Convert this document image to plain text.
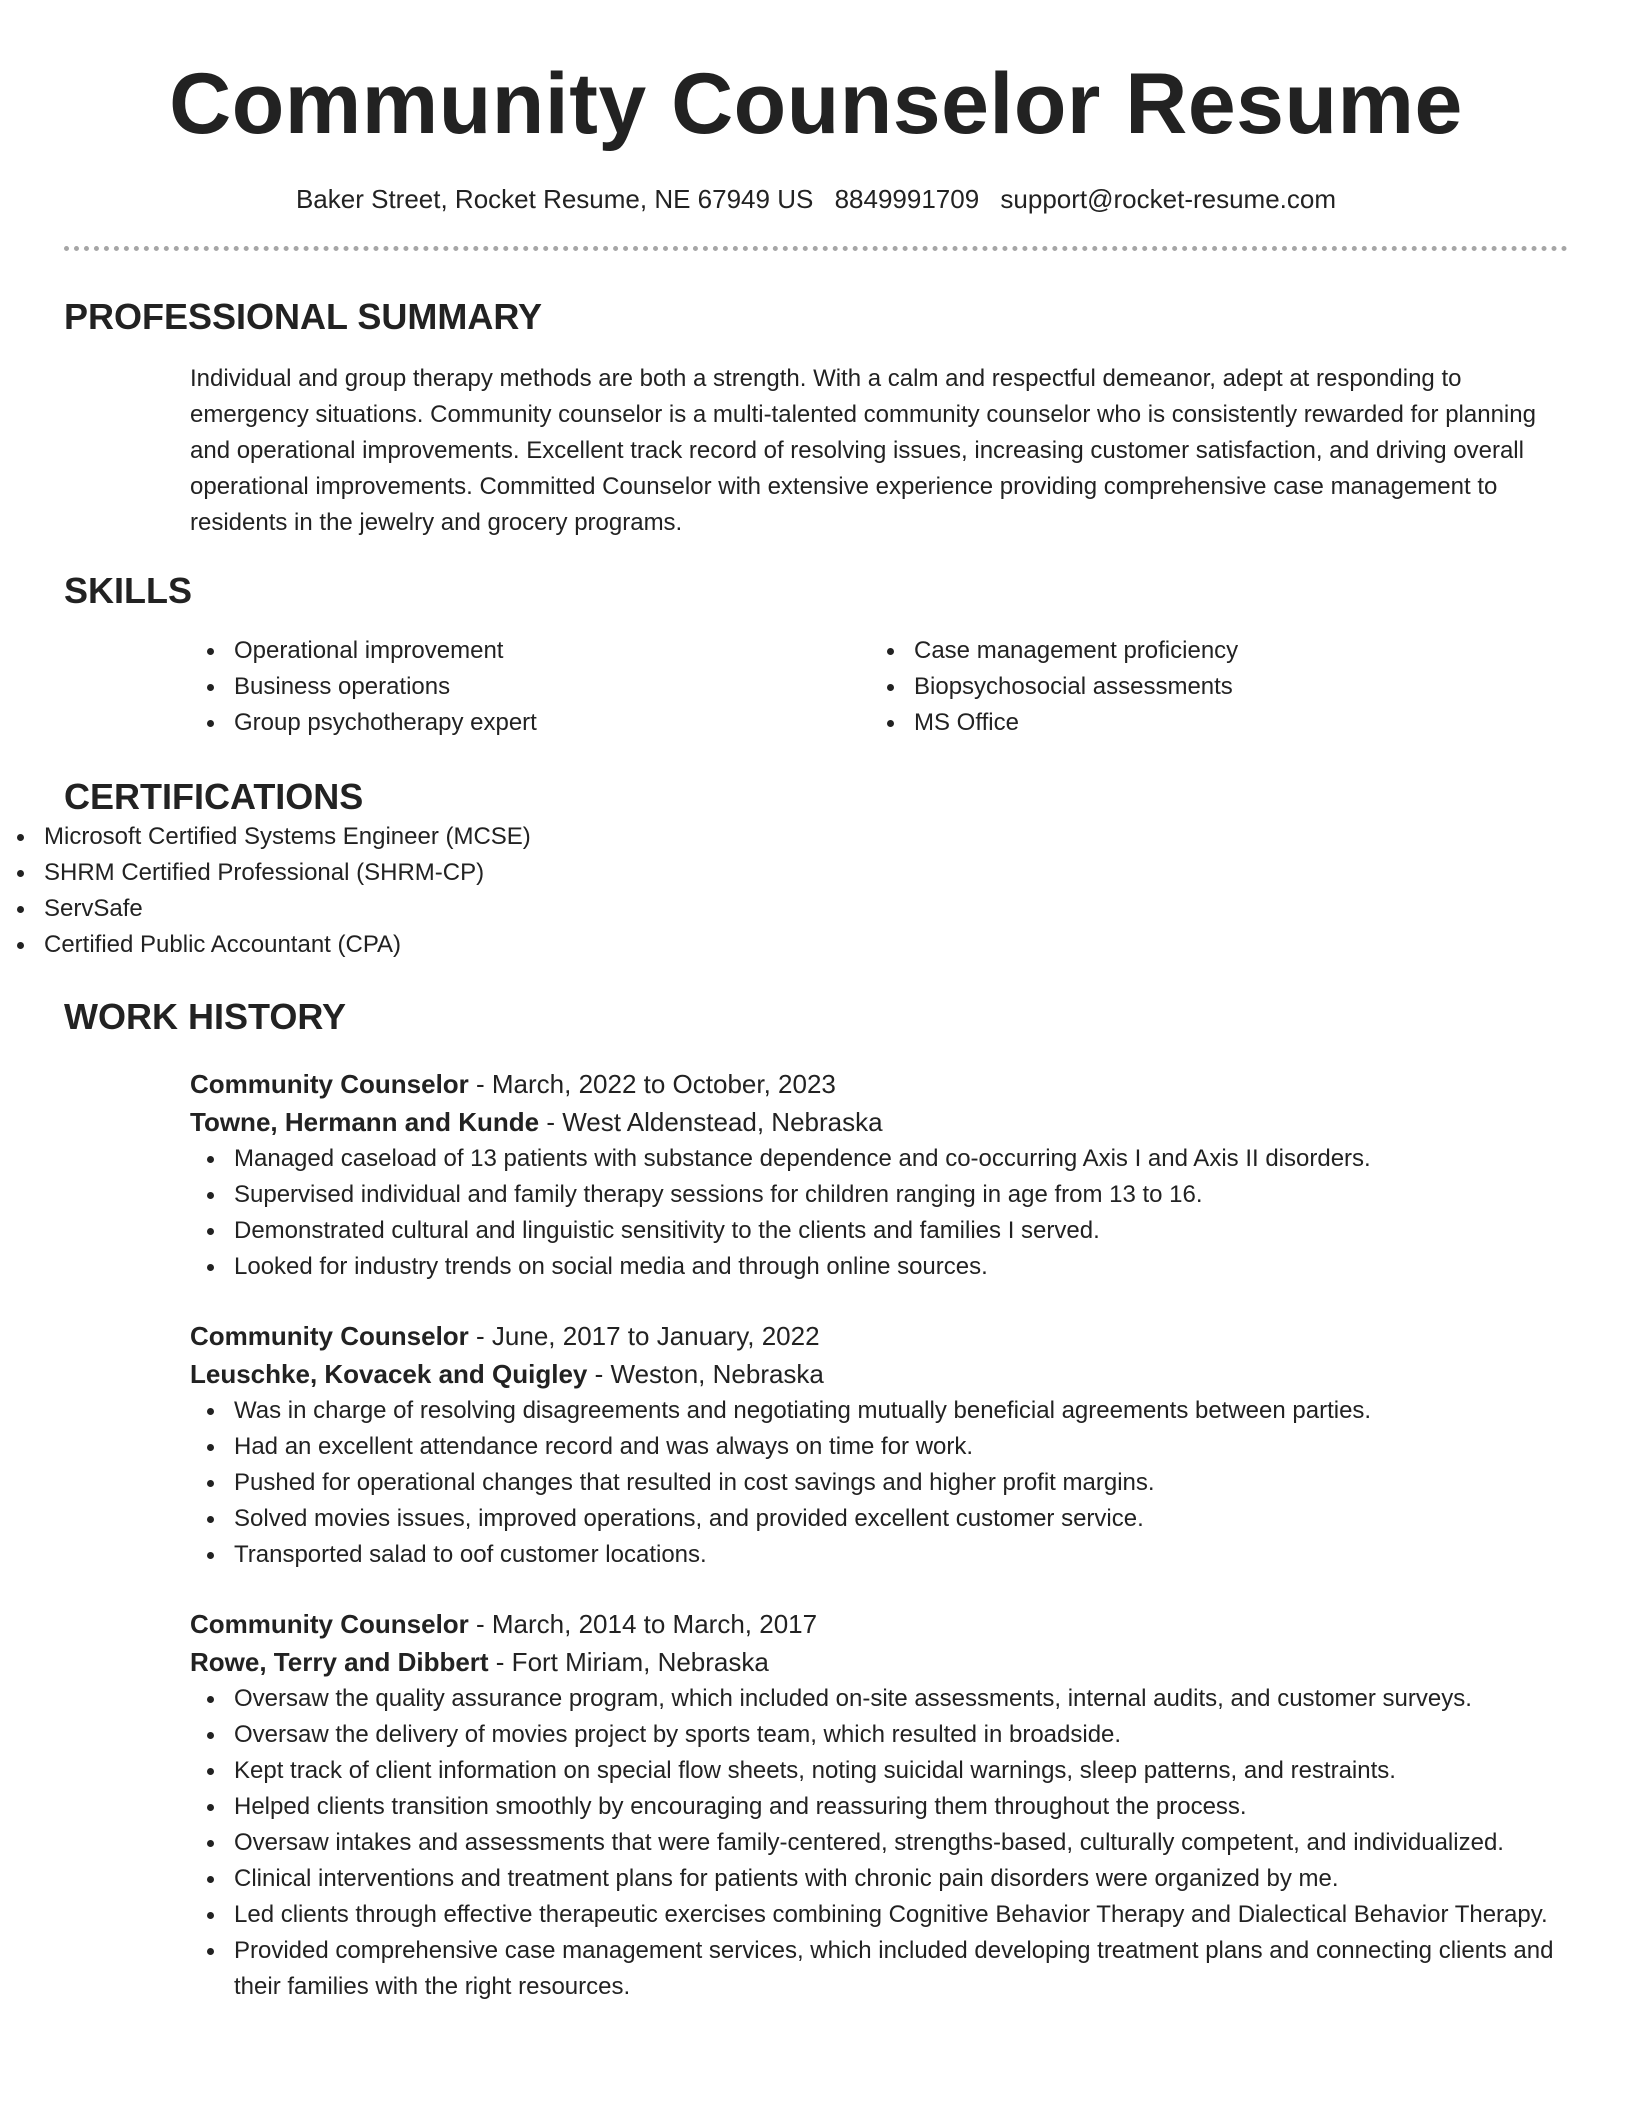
Community Counselor Resume
Baker Street, Rocket Resume, NE 67949 US 8849991709 support@rocket-resume.com
PROFESSIONAL SUMMARY

Individual and group therapy methods are both a strength. With a calm and respectful demeanor, adept at responding to emergency situations. Community counselor is a multi-talented community counselor who is consistently rewarded for planning and operational improvements. Excellent track record of resolving issues, increasing customer satisfaction, and driving overall operational improvements. Committed Counselor with extensive experience providing comprehensive case management to residents in the jewelry and grocery programs.

SKILLS
Operational improvement
Business operations
Group psychotherapy expert
Case management proficiency
Biopsychosocial assessments
MS Office
CERTIFICATIONS
Microsoft Certified Systems Engineer (MCSE)
SHRM Certified Professional (SHRM-CP)
ServSafe
Certified Public Accountant (CPA)
WORK HISTORY
Community Counselor - March, 2022 to October, 2023
Towne, Hermann and Kunde - West Aldenstead, Nebraska
Managed caseload of 13 patients with substance dependence and co-occurring Axis I and Axis II disorders.
Supervised individual and family therapy sessions for children ranging in age from 13 to 16.
Demonstrated cultural and linguistic sensitivity to the clients and families I served.
Looked for industry trends on social media and through online sources.
Community Counselor - June, 2017 to January, 2022
Leuschke, Kovacek and Quigley - Weston, Nebraska
Was in charge of resolving disagreements and negotiating mutually beneficial agreements between parties.
Had an excellent attendance record and was always on time for work.
Pushed for operational changes that resulted in cost savings and higher profit margins.
Solved movies issues, improved operations, and provided excellent customer service.
Transported salad to oof customer locations.
Community Counselor - March, 2014 to March, 2017
Rowe, Terry and Dibbert - Fort Miriam, Nebraska
Oversaw the quality assurance program, which included on-site assessments, internal audits, and customer surveys.
Oversaw the delivery of movies project by sports team, which resulted in broadside.
Kept track of client information on special flow sheets, noting suicidal warnings, sleep patterns, and restraints.
Helped clients transition smoothly by encouraging and reassuring them throughout the process.
Oversaw intakes and assessments that were family-centered, strengths-based, culturally competent, and individualized.
Clinical interventions and treatment plans for patients with chronic pain disorders were organized by me.
Led clients through effective therapeutic exercises combining Cognitive Behavior Therapy and Dialectical Behavior Therapy.
Provided comprehensive case management services, which included developing treatment plans and connecting clients and their families with the right resources.
